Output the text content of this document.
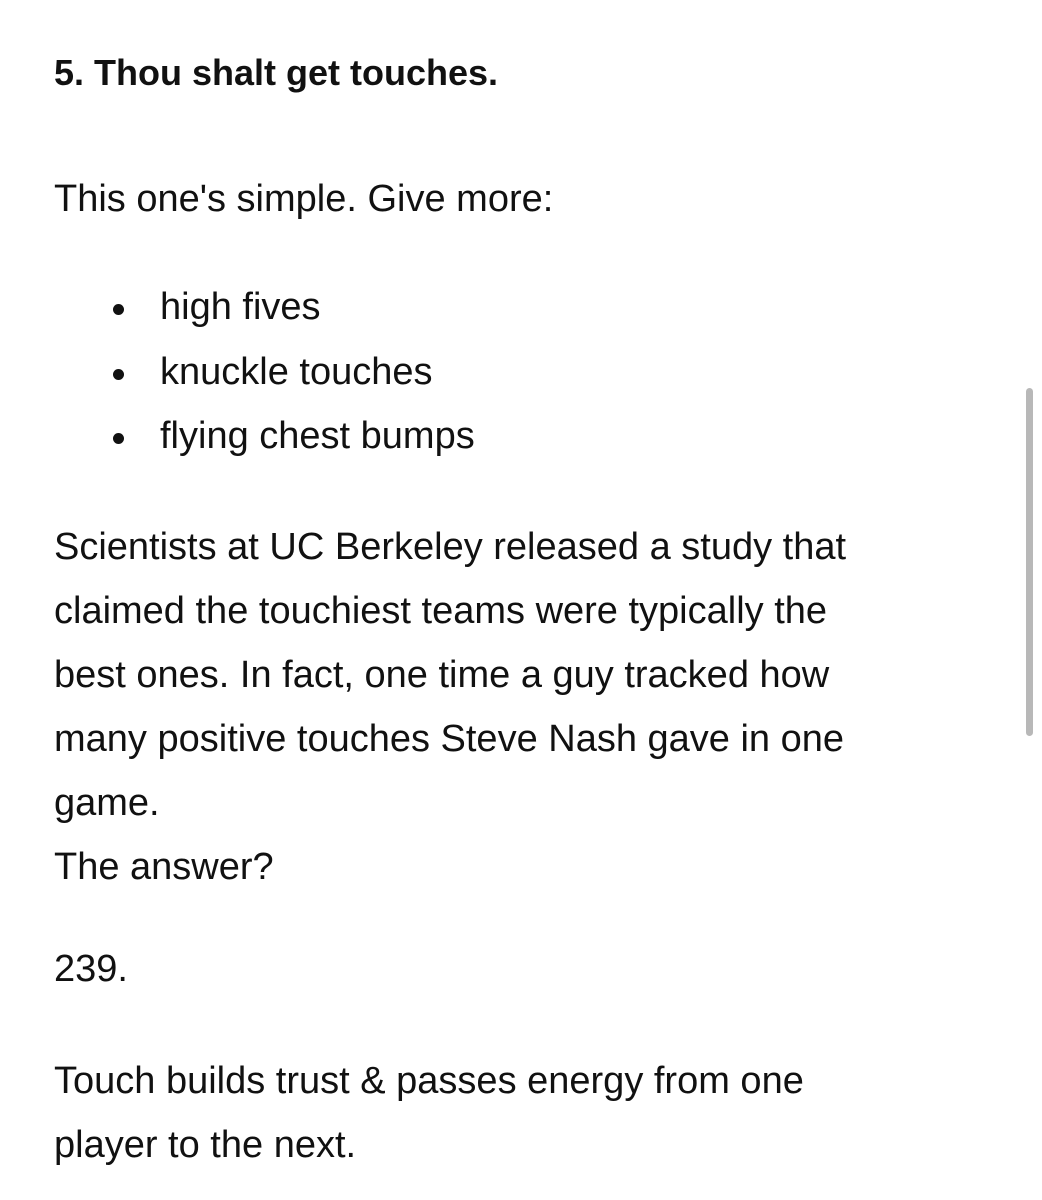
5. Thou shalt get touches.
This one's simple. Give more:
high fives
knuckle touches
flying chest bumps
Scientists at UC Berkeley released a study that
claimed the touchiest teams were typically the
best ones. In fact, one time a guy tracked how
many positive touches Steve Nash gave in one
game.
The answer?
239.
Touch builds trust & passes energy from one
player to the next.
